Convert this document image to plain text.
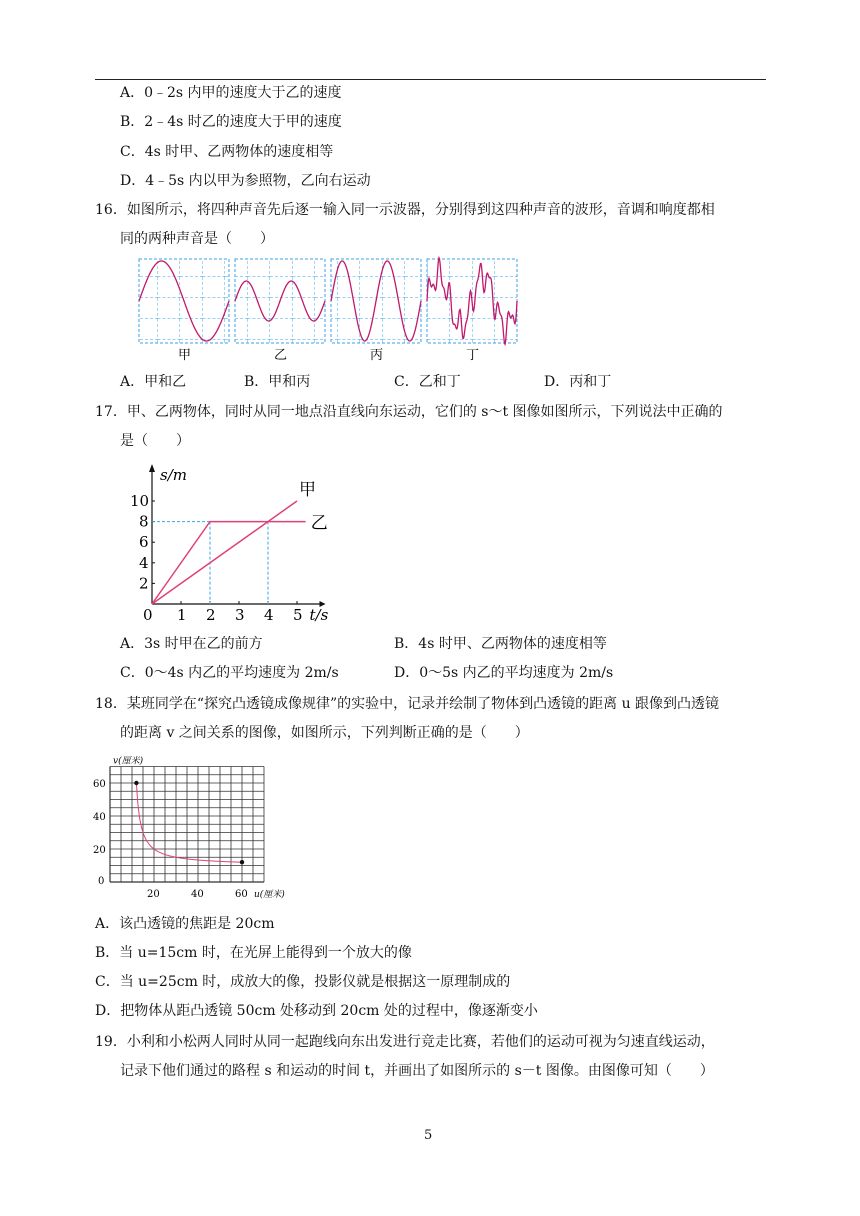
A．0﹣2s 内甲的速度大于乙的速度
B．2﹣4s 时乙的速度大于甲的速度
C．4s 时甲、乙两物体的速度相等
D．4﹣5s 内以甲为参照物，乙向右运动
16．如图所示，将四种声音先后逐一输入同一示波器，分别得到这四种声音的波形，音调和响度都相
同的两种声音是（　　）
甲	乙	丙	丁
A．甲和乙	B．甲和丙	C．乙和丁	D．丙和丁
17．甲、乙两物体，同时从同一地点沿直线向东运动，它们的 s～t 图像如图所示，下列说法中正确的
是（　　）
0 1 2 3 4 5
2
4
6
8
10
s/m
t/s
甲
乙
A．3s 时甲在乙的前方	B．4s 时甲、乙两物体的速度相等
C．0～4s 内乙的平均速度为 2m/s	D．0～5s 内乙的平均速度为 2m/s
18．某班同学在“探究凸透镜成像规律”的实验中，记录并绘制了物体到凸透镜的距离 u 跟像到凸透镜
的距离 v 之间关系的图像，如图所示，下列判断正确的是（　　）
v(厘米)
u(厘米)
20	40	60
0
20
40
60
A．该凸透镜的焦距是 20cm
B．当 u=15cm 时，在光屏上能得到一个放大的像
C．当 u=25cm 时，成放大的像，投影仪就是根据这一原理制成的
D．把物体从距凸透镜 50cm 处移动到 20cm 处的过程中，像逐渐变小
19．小利和小松两人同时从同一起跑线向东出发进行竞走比赛，若他们的运动可视为匀速直线运动，
记录下他们通过的路程 s 和运动的时间 t，并画出了如图所示的 s－t 图像。由图像可知（　　）
5
